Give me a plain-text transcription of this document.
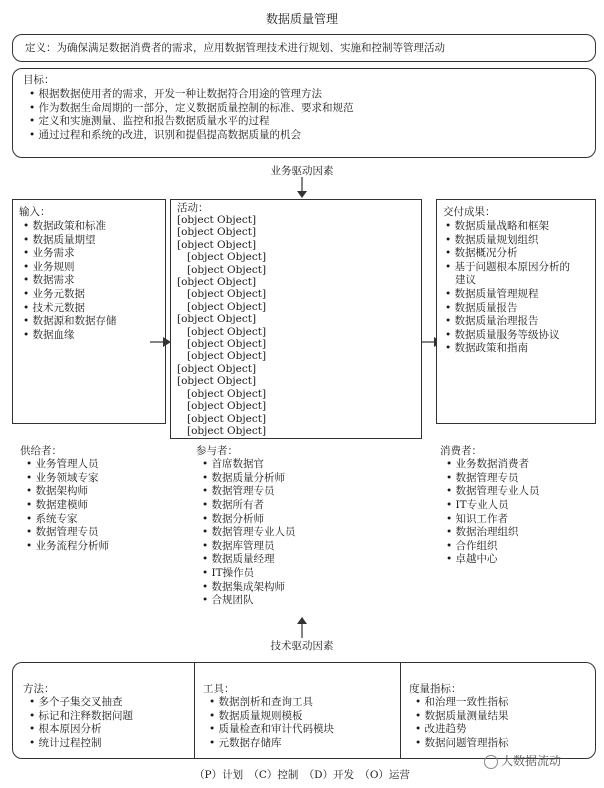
数据质量管理
定义：为确保满足数据消费者的需求，应用数据管理技术进行规划、实施和控制等管理活动
目标：
• 根据数据使用者的需求，开发一种让数据符合用途的管理方法
• 作为数据生命周期的一部分，定义数据质量控制的标准、要求和规范
• 定义和实施测量、监控和报告数据质量水平的过程
• 通过过程和系统的改进，识别和提倡提高数据质量的机会
业务驱动因素
输入：
• 数据政策和标准
• 数据质量期望
• 业务需求
• 业务规则
• 数据需求
• 业务元数据
• 技术元数据
• 数据源和数据存储
• 数据血缘
活动：
[object Object]
[object Object]
[object Object]
[object Object]
[object Object]
[object Object]
[object Object]
[object Object]
[object Object]
[object Object]
[object Object]
[object Object]
[object Object]
[object Object]
[object Object]
[object Object]
[object Object]
[object Object]
交付成果：
• 数据质量战略和框架
• 数据质量规划组织
• 数据概况分析
• 基于问题根本原因分析的
建议
• 数据质量管理规程
• 数据质量报告
• 数据质量治理报告
• 数据质量服务等级协议
• 数据政策和指南
供给者：
• 业务管理人员
• 业务领域专家
• 数据架构师
• 数据建模师
• 系统专家
• 数据管理专员
• 业务流程分析师
参与者：
• 首席数据官
• 数据质量分析师
• 数据管理专员
• 数据所有者
• 数据分析师
• 数据管理专业人员
• 数据库管理员
• 数据质量经理
• IT操作员
• 数据集成架构师
• 合规团队
消费者：
• 业务数据消费者
• 数据管理专员
• 数据管理专业人员
• IT专业人员
• 知识工作者
• 数据治理组织
• 合作组织
• 卓越中心
技术驱动因素
方法：
• 多个子集交叉抽查
• 标记和注释数据问题
• 根本原因分析
• 统计过程控制
工具：
• 数据剖析和查询工具
• 数据质量规则模板
• 质量检查和审计代码模块
• 元数据存储库
度量指标：
• 和治理一致性指标
• 数据质量测量结果
• 改进趋势
• 数据问题管理指标
（P）计划　（C）控制　（D）开发　（O）运营
大数据流动
